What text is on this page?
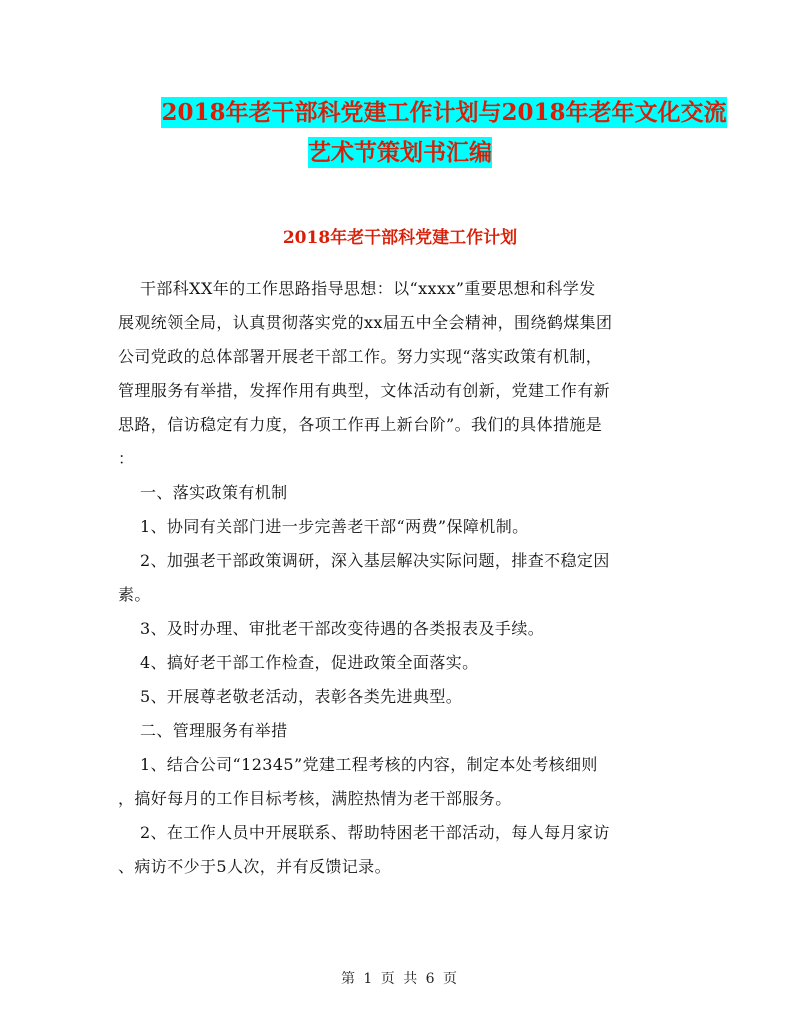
2018年老干部科党建工作计划与2018年老年文化交流
艺术节策划书汇编
2018年老干部科党建工作计划

干部科XX年的工作思路指导思想：以“xxxx”重要思想和科学发
展观统领全局，认真贯彻落实党的xx届五中全会精神，围绕鹤煤集团
公司党政的总体部署开展老干部工作。努力实现“落实政策有机制，
管理服务有举措，发挥作用有典型，文体活动有创新，党建工作有新
思路，信访稳定有力度，各项工作再上新台阶”。我们的具体措施是
：

一、落实政策有机制

1、协同有关部门进一步完善老干部“两费”保障机制。

2、加强老干部政策调研，深入基层解决实际问题，排查不稳定因
素。

3、及时办理、审批老干部改变待遇的各类报表及手续。

4、搞好老干部工作检查，促进政策全面落实。

5、开展尊老敬老活动，表彰各类先进典型。

二、管理服务有举措

1、结合公司“12345”党建工程考核的内容，制定本处考核细则
，搞好每月的工作目标考核，满腔热情为老干部服务。

2、在工作人员中开展联系、帮助特困老干部活动，每人每月家访
、病访不少于5人次，并有反馈记录。

第 1 页 共 6 页
